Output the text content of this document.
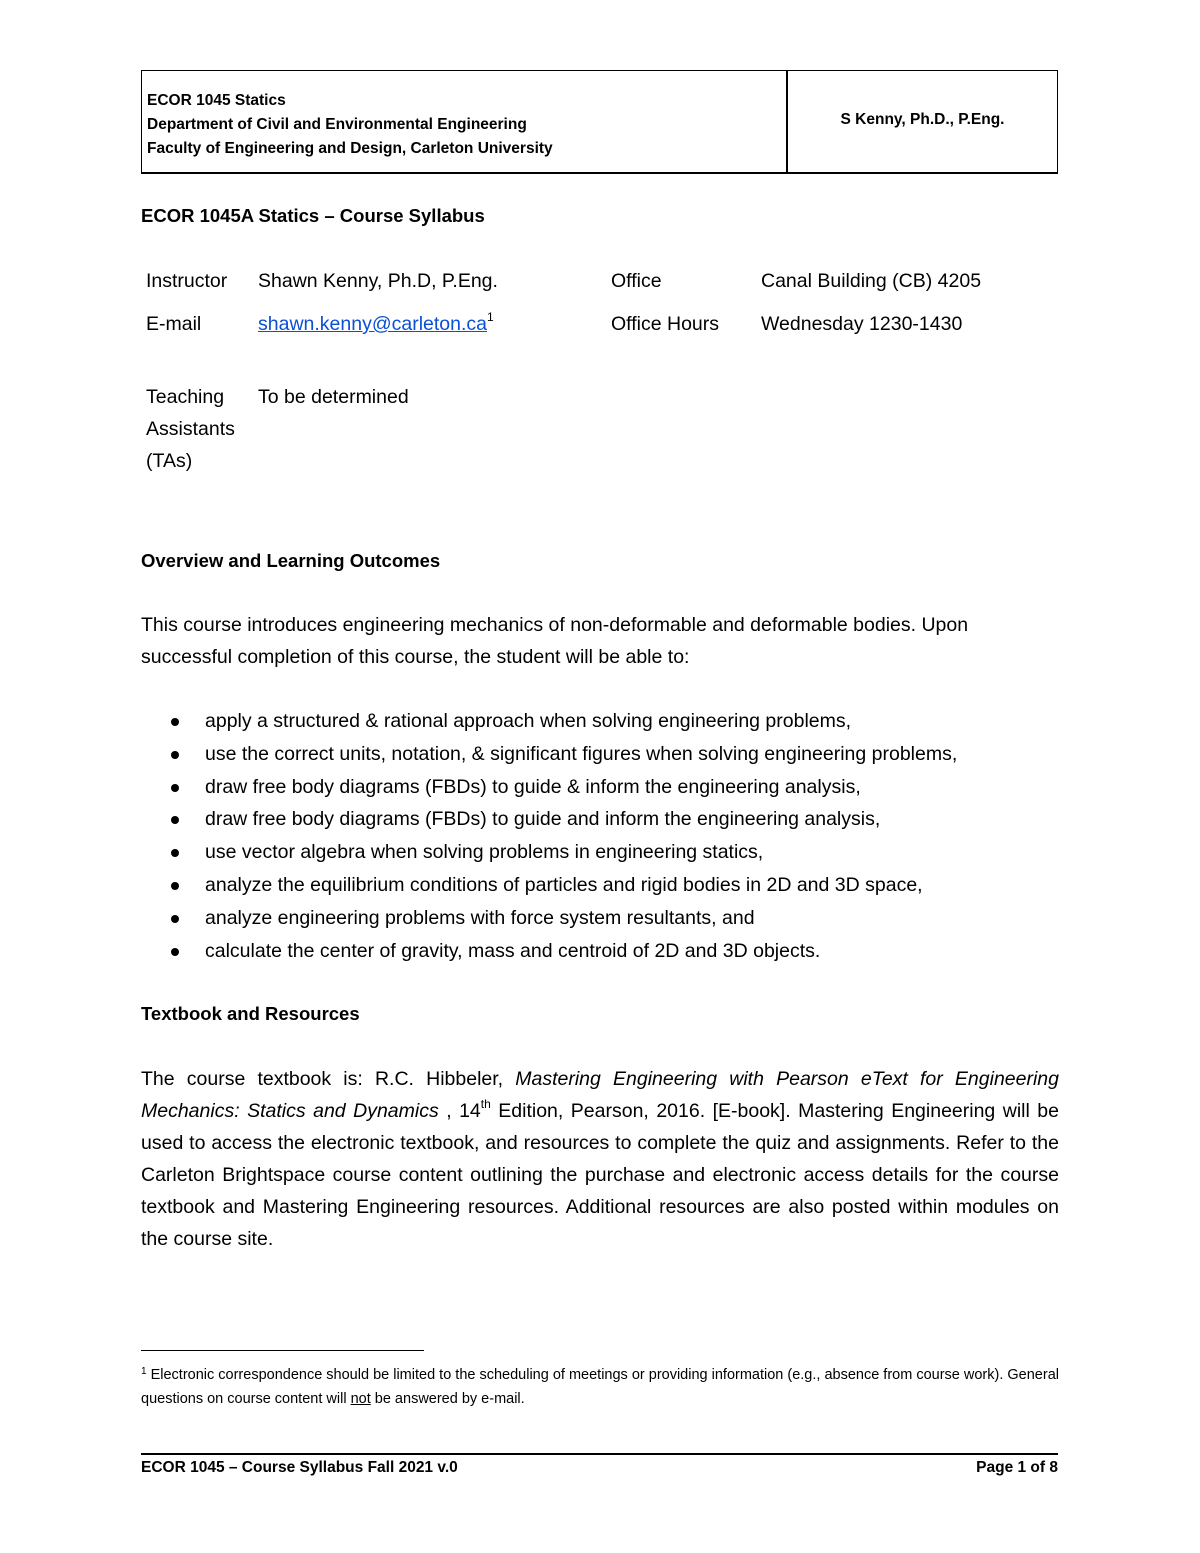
ECOR 1045 Statics
Department of Civil and Environmental Engineering
Faculty of Engineering and Design, Carleton University
S Kenny, Ph.D., P.Eng.
ECOR 1045A Statics – Course Syllabus
Instructor Shawn Kenny, Ph.D, P.Eng.	Office	Canal Building (CB) 4205
E-mail	$shawn.kenny@carleton.ca^1$	Office Hours Wednesday 1230-1430
Teaching Assistants (TAs)
To be determined
Overview and Learning Outcomes
This course introduces engineering mechanics of non-deformable and deformable bodies. Upon successful completion of this course, the student will be able to:
apply a structured & rational approach when solving engineering problems,
use the correct units, notation, & significant figures when solving engineering problems,
draw free body diagrams (FBDs) to guide & inform the engineering analysis,
draw free body diagrams (FBDs) to guide and inform the engineering analysis,
use vector algebra when solving problems in engineering statics,
analyze the equilibrium conditions of particles and rigid bodies in 2D and 3D space,
analyze engineering problems with force system resultants, and
calculate the center of gravity, mass and centroid of 2D and 3D objects.
Textbook and Resources
The course textbook is: R.C. Hibbeler, Mastering Engineering with Pearson eText for Engineering Mechanics: Statics and Dynamics , 14th Edition, Pearson, 2016. [E-book]. Mastering Engineering will be used to access the electronic textbook, and resources to complete the quiz and assignments. Refer to the Carleton Brightspace course content outlining the purchase and electronic access details for the course textbook and Mastering Engineering resources. Additional resources are also posted within modules on the course site.
$^1$ Electronic correspondence should be limited to the scheduling of meetings or providing information (e.g., absence from course work). General questions on course content will not be answered by e-mail.
ECOR 1045 – Course Syllabus Fall 2021 v.0	Page 1 of 8
